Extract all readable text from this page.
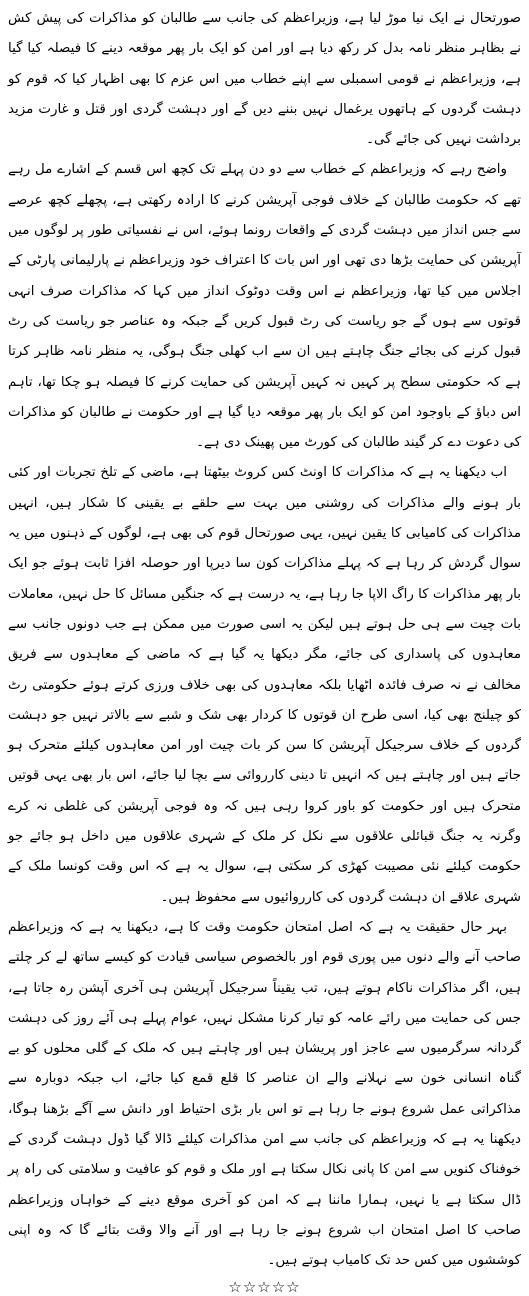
صورتحال نے ایک نیا موڑ لیا ہے، وزیراعظم کی جانب سے طالبان کو مذاکرات کی پیش کش نے بظاہر منظر نامہ بدل کر رکھ دیا ہے اور امن کو ایک بار پھر موقعہ دینے کا فیصلہ کیا گیا ہے، وزیراعظم نے قومی اسمبلی سے اپنے خطاب میں اس عزم کا بھی اظہار کیا کہ قوم کو دہشت گردوں کے ہاتھوں یرغمال نہیں بننے دیں گے اور دہشت گردی اور قتل و غارت مزید برداشت نہیں کی جائے گی۔

واضح رہے کہ وزیراعظم کے خطاب سے دو دن پہلے تک کچھ اس قسم کے اشارے مل رہے تھے کہ حکومت طالبان کے خلاف فوجی آپریشن کرنے کا ارادہ رکھتی ہے، پچھلے کچھ عرصے سے جس انداز میں دہشت گردی کے واقعات رونما ہوئے، اس نے نفسیاتی طور پر لوگوں میں آپریشن کی حمایت بڑھا دی تھی اور اس بات کا اعتراف خود وزیراعظم نے پارلیمانی پارٹی کے اجلاس میں کیا تھا، وزیراعظم نے اس وقت دوٹوک انداز میں کہا کہ مذاکرات صرف انہی قوتوں سے ہوں گے جو ریاست کی رٹ قبول کریں گے جبکہ وہ عناصر جو ریاست کی رٹ قبول کرنے کی بجائے جنگ چاہتے ہیں ان سے اب کھلی جنگ ہوگی، یہ منظر نامہ ظاہر کرتا ہے کہ حکومتی سطح پر کہیں نہ کہیں آپریشن کی حمایت کرنے کا فیصلہ ہو چکا تھا، تاہم اس دباؤ کے باوجود امن کو ایک بار پھر موقعہ دیا گیا ہے اور حکومت نے طالبان کو مذاکرات کی دعوت دے کر گیند طالبان کی کورٹ میں پھینک دی ہے۔

اب دیکھنا یہ ہے کہ مذاکرات کا اونٹ کس کروٹ بیٹھتا ہے، ماضی کے تلخ تجربات اور کئی بار ہونے والے مذاکرات کی روشنی میں بہت سے حلقے بے یقینی کا شکار ہیں، انہیں مذاکرات کی کامیابی کا یقین نہیں، یہی صورتحال قوم کی بھی ہے، لوگوں کے ذہنوں میں یہ سوال گردش کر رہا ہے کہ پہلے مذاکرات کون سا دیرپا اور حوصلہ افزا ثابت ہوئے جو ایک بار پھر مذاکرات کا راگ الاپا جا رہا ہے، یہ درست ہے کہ جنگیں مسائل کا حل نہیں، معاملات بات چیت سے ہی حل ہوتے ہیں لیکن یہ اسی صورت میں ممکن ہے جب دونوں جانب سے معاہدوں کی پاسداری کی جائے، مگر دیکھا یہ گیا ہے کہ ماضی کے معاہدوں سے فریق مخالف نے نہ صرف فائدہ اٹھایا بلکہ معاہدوں کی بھی خلاف ورزی کرتے ہوئے حکومتی رٹ کو چیلنج بھی کیا، اسی طرح ان قوتوں کا کردار بھی شک و شبے سے بالاتر نہیں جو دہشت گردوں کے خلاف سرجیکل آپریشن کا سن کر بات چیت اور امن معاہدوں کیلئے متحرک ہو جاتے ہیں اور چاہتے ہیں کہ انہیں تا دینی کارروائی سے بچا لیا جائے، اس بار بھی یہی قوتیں متحرک ہیں اور حکومت کو باور کروا رہی ہیں کہ وہ فوجی آپریشن کی غلطی نہ کرے وگرنہ یہ جنگ قبائلی علاقوں سے نکل کر ملک کے شہری علاقوں میں داخل ہو جائے جو حکومت کیلئے نئی مصیبت کھڑی کر سکتی ہے، سوال یہ ہے کہ اس وقت کونسا ملک کے شہری علاقے ان دہشت گردوں کی کارروائیوں سے محفوظ ہیں۔

بہر حال حقیقت یہ ہے کہ اصل امتحان حکومت وقت کا ہے، دیکھنا یہ ہے کہ وزیراعظم صاحب آنے والے دنوں میں پوری قوم اور بالخصوص سیاسی قیادت کو کیسے ساتھ لے کر چلتے ہیں، اگر مذاکرات ناکام ہوتے ہیں، تب یقیناً سرجیکل آپریشن ہی آخری آپشن رہ جاتا ہے، جس کی حمایت میں رائے عامہ کو تیار کرنا مشکل نہیں، عوام پہلے ہی آئے روز کی دہشت گردانہ سرگرمیوں سے عاجز اور پریشان ہیں اور چاہتے ہیں کہ ملک کے گلی محلوں کو بے گناہ انسانی خون سے نہلانے والے ان عناصر کا قلع قمع کیا جائے، اب جبکہ دوبارہ سے مذاکراتی عمل شروع ہونے جا رہا ہے تو اس بار بڑی احتیاط اور دانش سے آگے بڑھنا ہوگا، دیکھنا یہ ہے کہ وزیراعظم کی جانب سے امن مذاکرات کیلئے ڈالا گیا ڈول دہشت گردی کے خوفناک کنویں سے امن کا پانی نکال سکتا ہے اور ملک و قوم کو عافیت و سلامتی کی راہ پر ڈال سکتا ہے یا نہیں، ہمارا ماننا ہے کہ امن کو آخری موقع دینے کے خواہاں وزیراعظم صاحب کا اصل امتحان اب شروع ہونے جا رہا ہے اور آنے والا وقت بتائے گا کہ وہ اپنی کوششوں میں کس حد تک کامیاب ہوتے ہیں۔

☆☆☆☆☆
